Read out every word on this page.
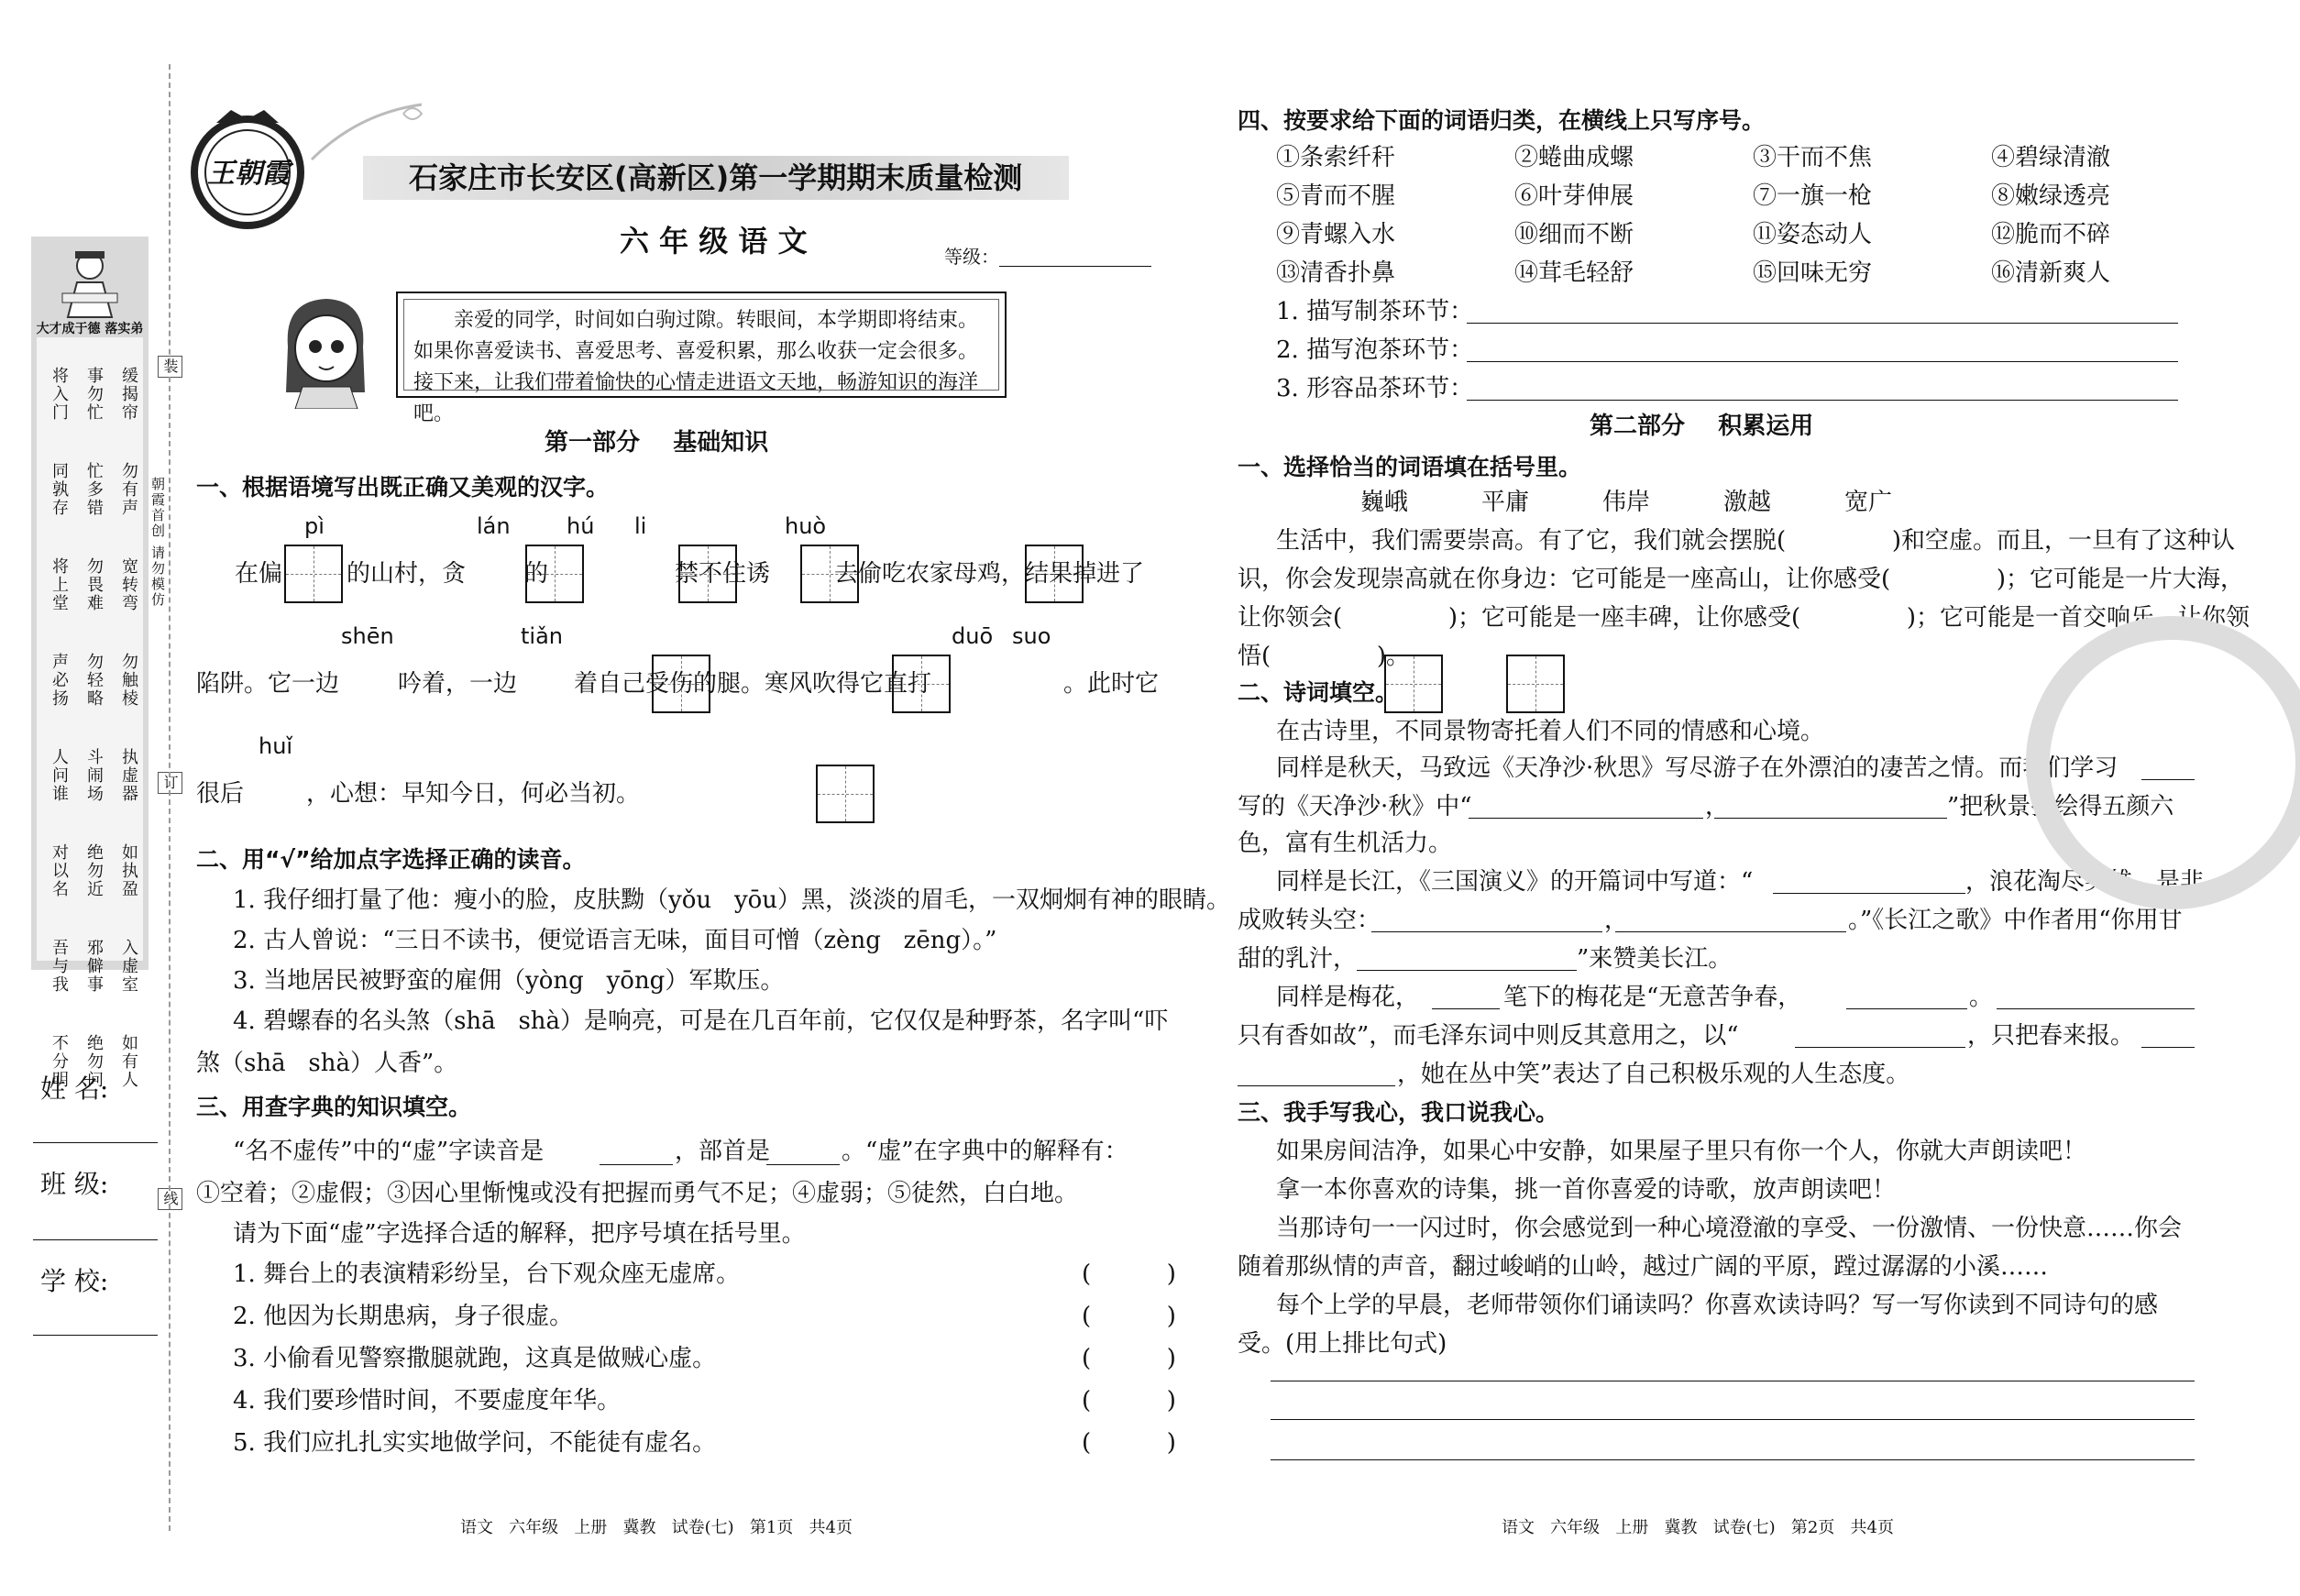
大才成于德 落实弟
将入门 事勿忙 缓揭帘
同孰存 忙多错 勿有声
将上堂 勿畏难 宽转弯
声必扬 勿轻略 勿触棱
人问谁 斗闹场 执虚器
对以名 绝勿近 如执盈
吾与我 邪僻事 入虚室
不分明 绝勿问 如有人
朝霞首创 请勿模仿
装
订
线
姓 名:
班 级:
学 校:
王朝霞	石家庄市长安区(高新区)第一学期期末质量检测
六 年 级 语 文	等级：
亲爱的同学，时间如白驹过隙。转眼间，本学期即将结束。如果你喜爱读书、喜爱思考、喜爱积累，那么收获一定会很多。接下来，让我们带着愉快的心情走进语文天地，畅游知识的海洋吧。
第一部分    基础知识
一、根据语境写出既正确又美观的汉字。
pì	lán	hú li	huò
在偏
	的山村，贪
的
	禁不住诱
	去偷吃农家母鸡，结果掉进了
shēn	tiǎn	duō suo
陷阱。它一边
吟着，一边
着自己受伤的腿。寒风吹得它直打
	。此时它
huǐ
很后	，心想：早知今日，何必当初。
二、用“√”给加点字选择正确的读音。
1. 我仔细打量了他：瘦小的脸，皮肤黝（yǒu   yōu）黑，淡淡的眉毛，一双炯炯有神的眼睛。
2. 古人曾说：“三日不读书，便觉语言无味，面目可憎（zèng   zēng）。”
3. 当地居民被野蛮的雇佣（yòng   yōng）军欺压。
4. 碧螺春的名头煞（shā   shà）是响亮，可是在几百年前，它仅仅是种野茶，名字叫“吓
煞（shā   shà）人香”。
三、用查字典的知识填空。
“名不虚传”中的“虚”字读音是	，部首是	。“虚”在字典中的解释有：
①空着；②虚假；③因心里惭愧或没有把握而勇气不足；④虚弱；⑤徒然，白白地。
请为下面“虚”字选择合适的解释，把序号填在括号里。
1. 舞台上的表演精彩纷呈，台下观众座无虚席。	(          )
2. 他因为长期患病，身子很虚。	(          )
3. 小偷看见警察撒腿就跑，这真是做贼心虚。	(          )
4. 我们要珍惜时间，不要虚度年华。	(          )
5. 我们应扎扎实实地做学问，不能徒有虚名。	(          )
四、按要求给下面的词语归类，在横线上只写序号。
①条索纤秆	②蜷曲成螺	③干而不焦	④碧绿清澈
⑤青而不腥	⑥叶芽伸展	⑦一旗一枪	⑧嫩绿透亮
⑨青螺入水	⑩细而不断	⑪姿态动人	⑫脆而不碎
⑬清香扑鼻	⑭茸毛轻舒	⑮回味无穷	⑯清新爽人
1. 描写制茶环节：
2. 描写泡茶环节：
3. 形容品茶环节：
第二部分    积累运用
一、选择恰当的词语填在括号里。
巍峨	平庸	伟岸	激越	宽广
生活中，我们需要崇高。有了它，我们就会摆脱(              )和空虚。而且，一旦有了这种认
识，你会发现崇高就在你身边：它可能是一座高山，让你感受(              )；它可能是一片大海，
让你领会(              )；它可能是一座丰碑，让你感受(              )；它可能是一首交响乐，让你领
悟(              )。
二、诗词填空。
在古诗里，不同景物寄托着人们不同的情感和心境。
同样是秋天，马致远《天净沙·秋思》写尽游子在外漂泊的凄苦之情。而我们学习
写的《天净沙·秋》中“	，	”把秋景描绘得五颜六
色，富有生机活力。
同样是长江，《三国演义》的开篇词中写道：“	，浪花淘尽英雄。是非
成败转头空：	，	。”《长江之歌》中作者用“你用甘
甜的乳汁，	”来赞美长江。
同样是梅花，	笔下的梅花是“无意苦争春，	。
只有香如故”，而毛泽东词中则反其意用之，以“	，只把春来报。
，她在丛中笑”表达了自己积极乐观的人生态度。
三、我手写我心，我口说我心。
如果房间洁净，如果心中安静，如果屋子里只有你一个人，你就大声朗读吧！
拿一本你喜欢的诗集，挑一首你喜爱的诗歌，放声朗读吧！
当那诗句一一闪过时，你会感觉到一种心境澄澈的享受、一份激情、一份快意……你会
随着那纵情的声音，翻过峻峭的山岭，越过广阔的平原，蹚过潺潺的小溪……
每个上学的早晨，老师带领你们诵读吗？你喜欢读诗吗？写一写你读到不同诗句的感
受。(用上排比句式)
语文   六年级   上册   冀教   试卷(七)   第1页   共4页	语文   六年级   上册   冀教   试卷(七)   第2页   共4页
